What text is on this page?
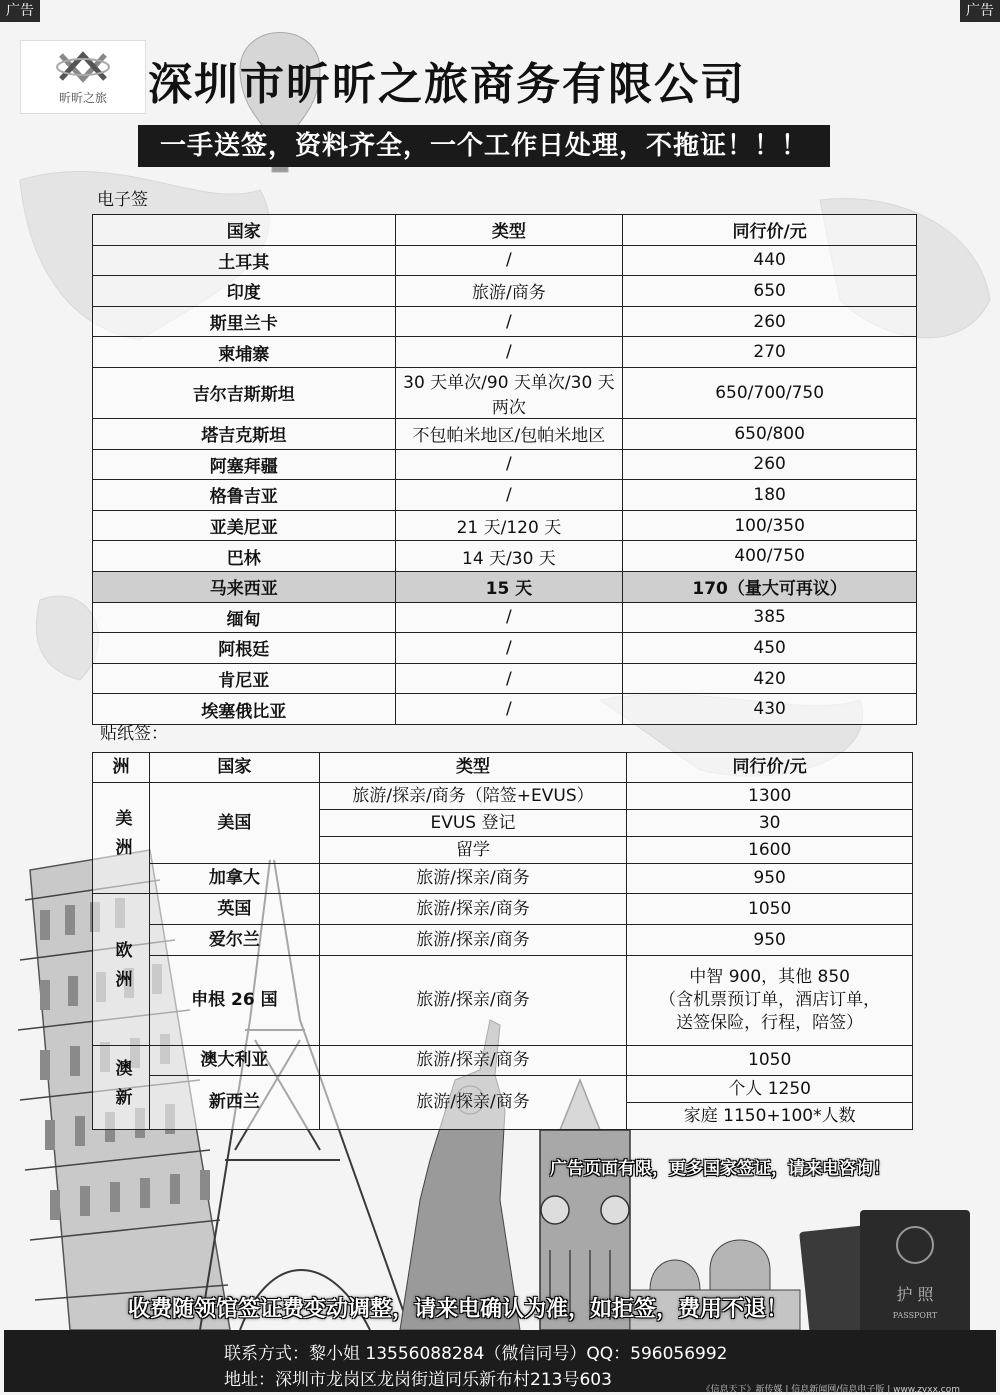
护 照
PASSPORT
广告	广告
昕昕之旅 深圳市昕昕之旅商务有限公司
一手送签，资料齐全，一个工作日处理，不拖证！！！
电子签
国家	类型	同行价/元
土耳其	/	440
印度	旅游/商务	650
斯里兰卡	/	260
柬埔寨	/	270
吉尔吉斯斯坦	30 天单次/90 天单次/30 天两次	650/700/750
塔吉克斯坦	不包帕米地区/包帕米地区	650/800
阿塞拜疆	/	260
格鲁吉亚	/	180
亚美尼亚	21 天/120 天	100/350
巴林	14 天/30 天	400/750
马来西亚	15 天	170（量大可再议）
缅甸	/	385
阿根廷	/	450
肯尼亚	/	420
埃塞俄比亚	/	430
贴纸签：
洲	国家	类型	同行价/元

美洲	美国	旅游/探亲/商务（陪签+EVUS）	1300
		EVUS 登记	30
		留学	1600
	加拿大	旅游/探亲/商务	950

欧洲	英国	旅游/探亲/商务	1050
	爱尔兰	旅游/探亲/商务	950
	申根 26 国	旅游/探亲/商务	中智 900，其他 850
（含机票预订单，酒店订单，
送签保险，行程，陪签）

澳新	澳大利亚	旅游/探亲/商务	1050
	新西兰	旅游/探亲/商务	个人 1250
			家庭 1150+100*人数
广告页面有限，更多国家签证，请来电咨询！
收费随领馆签证费变动调整，请来电确认为准，如拒签，费用不退！
联系方式：黎小姐 13556088284（微信同号）QQ：596056992
地址：深圳市龙岗区龙岗街道同乐新布村213号603	《信息天下》新传媒 | 信息新闻网/信息电子版 | www.zyxx.com
